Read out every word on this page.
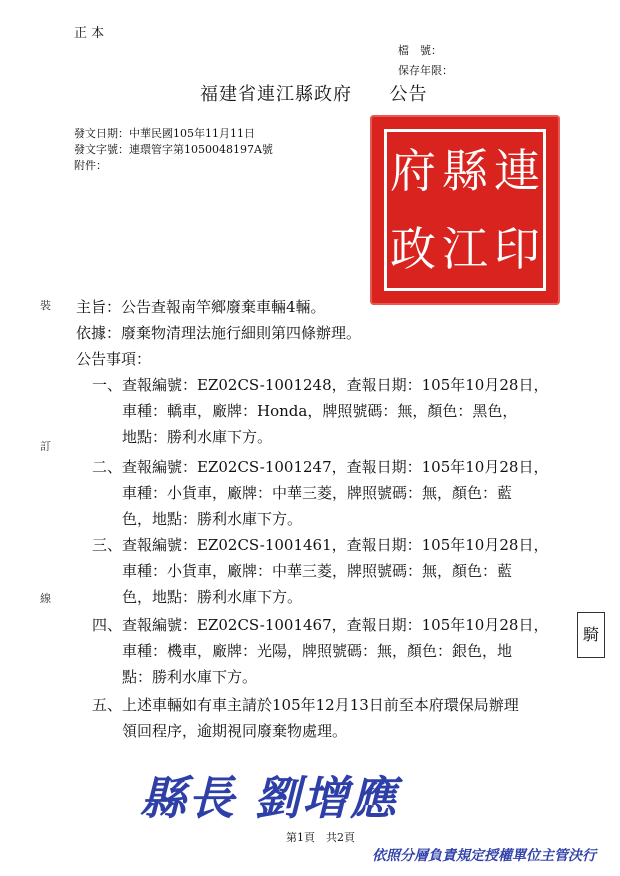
正 本
檔　號：
保存年限：
福建省連江縣政府 公告
發文日期：中華民國105年11月11日
發文字號：連環管字第1050048197A號
附件：	府 縣 連
政 江 印
裝
訂
線
主旨：公告查報南竿鄉廢棄車輛4輛。
依據：廢棄物清理法施行細則第四條辦理。
公告事項：
一、查報編號：EZ02CS-1001248，查報日期：105年10月28日，
車種：轎車，廠牌：Honda，牌照號碼：無，顏色：黑色，
地點：勝利水庫下方。
二、查報編號：EZ02CS-1001247，查報日期：105年10月28日，
車種：小貨車，廠牌：中華三菱，牌照號碼：無，顏色：藍
色，地點：勝利水庫下方。
三、查報編號：EZ02CS-1001461，查報日期：105年10月28日，
車種：小貨車，廠牌：中華三菱，牌照號碼：無，顏色：藍
色，地點：勝利水庫下方。
四、查報編號：EZ02CS-1001467，查報日期：105年10月28日，
車種：機車，廠牌：光陽，牌照號碼：無，顏色：銀色，地
點：勝利水庫下方。
五、上述車輛如有車主請於105年12月13日前至本府環保局辦理
領回程序，逾期視同廢棄物處理。
騎
縣長 劉增應
第1頁　共2頁
依照分層負責規定授權單位主管決行
